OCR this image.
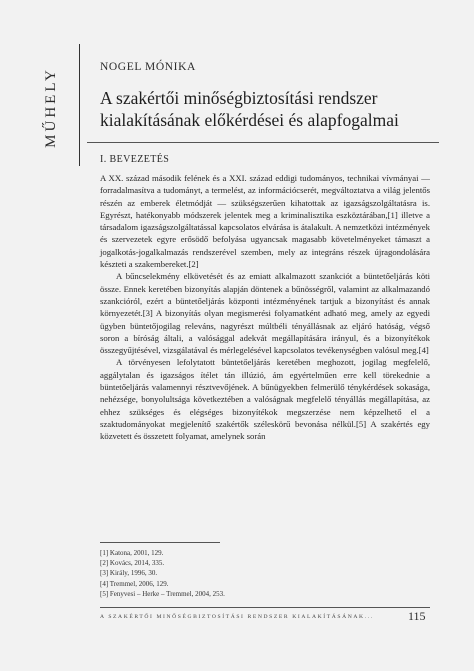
MŰHELY	NOGEL MÓNIKA
A szakértői minőségbiztosítási rendszer kialakításának előkérdései és alapfogalmai
I. BEVEZETÉS

A XX. század második felének és a XXI. század eddigi tudományos, technikai vívmányai — forradalmasítva a tudományt, a termelést, az információcserét, megváltoztatva a világ jelentős részén az emberek életmódját — szükségszerűen kihatottak az igazságszolgáltatásra is. Egyrészt, hatékonyabb módszerek jelentek meg a kriminalisztika eszköztárában,[1] illetve a társadalom igazságszolgáltatással kapcsolatos elvárása is átalakult. A nemzetközi intézmények és szervezetek egyre erősödő befolyása ugyancsak magasabb követelményeket támaszt a jogalkotás-jogalkalmazás rendszerével szemben, mely az integráns részek újragondolására készteti a szakembereket.[2]

A bűncselekmény elkövetését és az emiatt alkalmazott szankciót a büntetőeljárás köti össze. Ennek keretében bizonyítás alapján döntenek a bűnösségről, valamint az alkalmazandó szankcióról, ezért a büntetőeljárás központi intézményének tartjuk a bizonyítást és annak környezetét.[3] A bizonyítás olyan megismerési folyamatként adható meg, amely az egyedi ügyben büntetőjogilag releváns, nagyrészt múltbéli tényállásnak az eljáró hatóság, végső soron a bíróság általi, a valósággal adekvát megállapítására irányul, és a bizonyítékok összegyűjtésével, vizsgálatával és mérlegelésével kapcsolatos tevékenységben valósul meg.[4]

A törvényesen lefolytatott büntetőeljárás keretében meghozott, jogilag megfelelő, aggálytalan és igazságos ítélet tán illúzió, ám egyértelműen erre kell törekednie a büntetőeljárás valamennyi résztvevőjének. A bűnügyekben felmerülő ténykérdések sokasága, nehézsége, bonyolultsága következtében a valóságnak megfelelő tényállás megállapítása, az ehhez szükséges és elégséges bizonyítékok megszerzése nem képzelhető el a szaktudományokat megjelenítő szakértők széleskörű bevonása nélkül.[5] A szakértés egy közvetett és összetett folyamat, amelynek során

[1] Katona, 2001, 129.
[2] Kovács, 2014, 335.
[3] Király, 1996, 30.
[4] Tremmel, 2006, 129.
[5] Fenyvesi – Herke – Tremmel, 2004, 253.
A SZAKÉRTŐI MINŐSÉGBIZTOSÍTÁSI RENDSZER KIALAKÍTÁSÁNAK...	115
